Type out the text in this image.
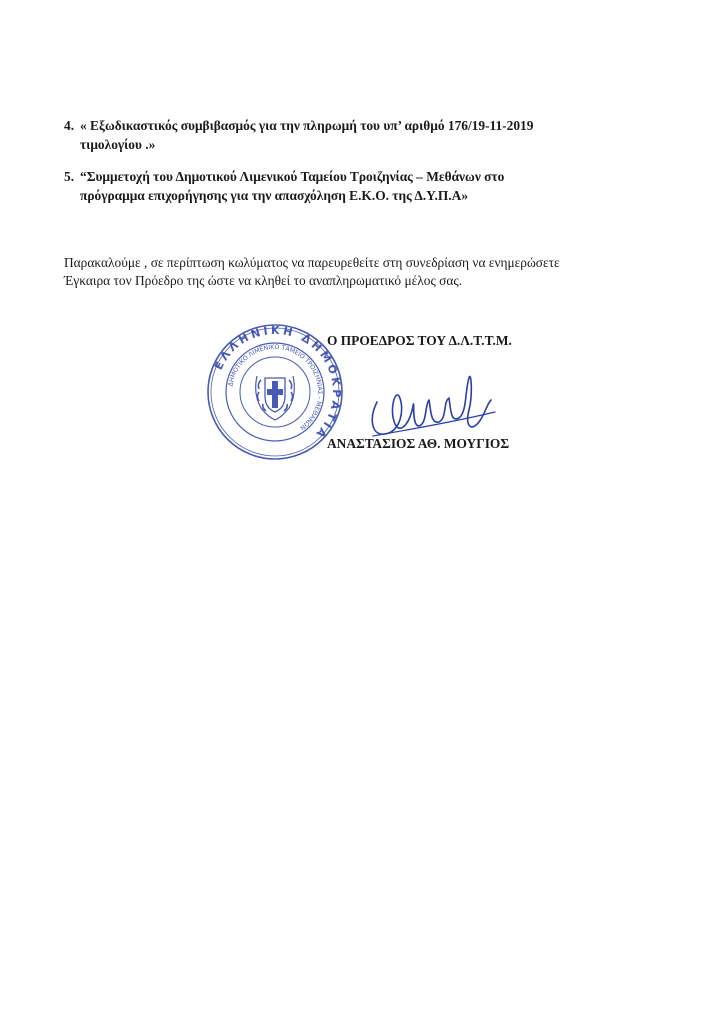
4. « Εξωδικαστικός συμβιβασμός για την πληρωμή του υπ’ αριθμό 176/19-11-2019
τιμολογίου .»
5. “Συμμετοχή του Δημοτικού Λιμενικού Ταμείου Τροιζηνίας – Μεθάνων στο
πρόγραμμα επιχορήγησης για την απασχόληση Ε.Κ.Ο. της Δ.Υ.Π.Α»
Παρακαλούμε , σε περίπτωση κωλύματος να παρευρεθείτε στη συνεδρίαση να ενημερώσετε
Έγκαιρα τον Πρόεδρο της ώστε να κληθεί το αναπληρωματικό μέλος σας.
ΕΛΛΗΝΙΚΗ ΔΗΜΟΚΡΑΤΙΑ
ΔΗΜΟΤΙΚΟ ΛΙΜΕΝΙΚΟ ΤΑΜΕΙΟ ΤΡΟΙΖΗΝΙΑΣ - ΜΕΘΑΝΩΝ
Ο ΠΡΟΕΔΡΟΣ ΤΟΥ Δ.Λ.Τ.Τ.Μ.
ΑΝΑΣΤΑΣΙΟΣ ΑΘ. ΜΟΥΓΙΟΣ
